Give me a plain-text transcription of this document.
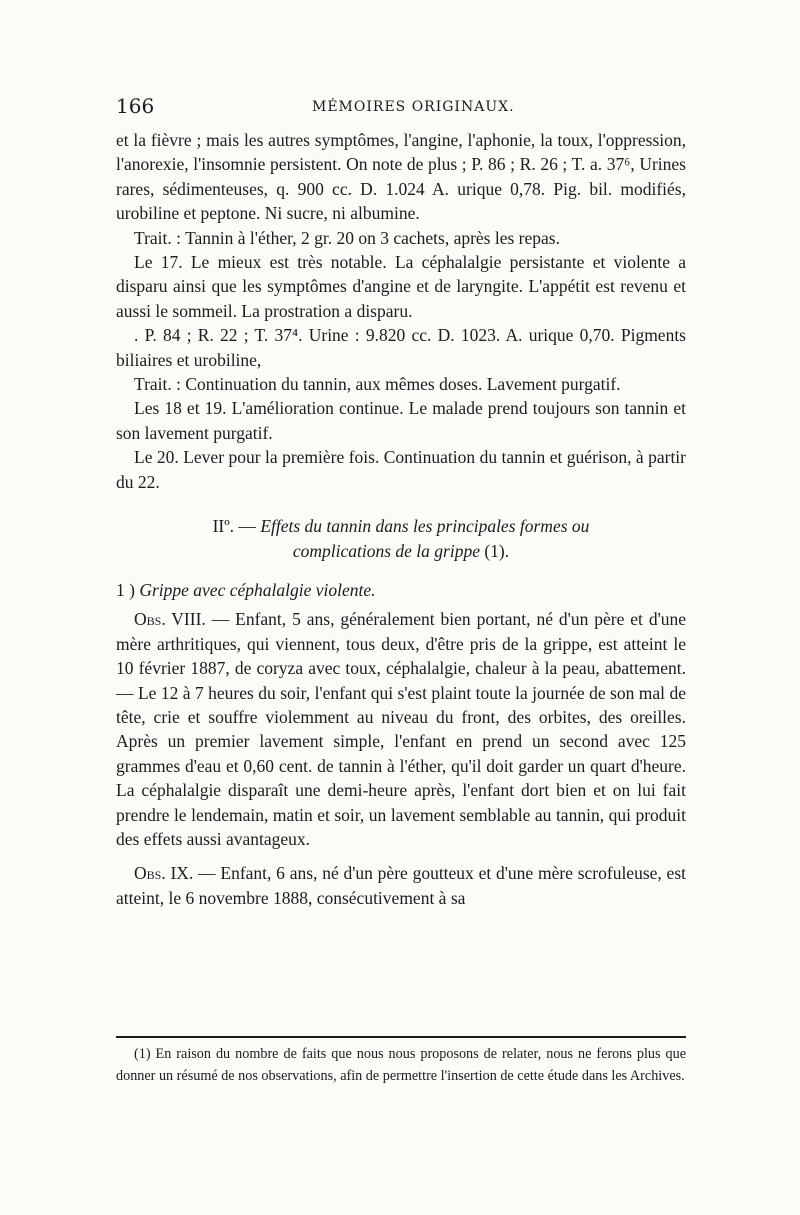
166	MÉMOIRES ORIGINAUX.

et la fièvre ; mais les autres symptômes, l'angine, l'aphonie, la toux, l'oppression, l'anorexie, l'insomnie persistent. On note de plus ; P. 86 ; R. 26 ; T. a. 37⁶, Urines rares, sédimenteuses, q. 900 cc. D. 1.024 A. urique 0,78. Pig. bil. modifiés, urobiline et peptone. Ni sucre, ni albumine.

Trait. : Tannin à l'éther, 2 gr. 20 on 3 cachets, après les repas.

Le 17. Le mieux est très notable. La céphalalgie persistante et violente a disparu ainsi que les symptômes d'angine et de laryngite. L'appétit est revenu et aussi le sommeil. La prostration a disparu.

. P. 84 ; R. 22 ; T. 37⁴. Urine : 9.820 cc. D. 1023. A. urique 0,70. Pigments biliaires et urobiline,

Trait. : Continuation du tannin, aux mêmes doses. Lavement purgatif.

Les 18 et 19. L'amélioration continue. Le malade prend toujours son tannin et son lavement purgatif.

Le 20. Lever pour la première fois. Continuation du tannin et guérison, à partir du 22.

IIº. — Effets du tannin dans les principales formes ou

complications de la grippe (1).

1 ) Grippe avec céphalalgie violente.

Obs. VIII. — Enfant, 5 ans, généralement bien portant, né d'un père et d'une mère arthritiques, qui viennent, tous deux, d'être pris de la grippe, est atteint le 10 février 1887, de coryza avec toux, céphalalgie, chaleur à la peau, abattement. — Le 12 à 7 heures du soir, l'enfant qui s'est plaint toute la journée de son mal de tête, crie et souffre violemment au niveau du front, des orbites, des oreilles. Après un premier lavement simple, l'enfant en prend un second avec 125 grammes d'eau et 0,60 cent. de tannin à l'éther, qu'il doit garder un quart d'heure. La céphalalgie disparaît une demi-heure après, l'enfant dort bien et on lui fait prendre le lendemain, matin et soir, un lavement semblable au tannin, qui produit des effets aussi avantageux.

Obs. IX. — Enfant, 6 ans, né d'un père goutteux et d'une mère scrofuleuse, est atteint, le 6 novembre 1888, consécutivement à sa

(1) En raison du nombre de faits que nous nous proposons de relater, nous ne ferons plus que donner un résumé de nos observations, afin de permettre l'insertion de cette étude dans les Archives.
